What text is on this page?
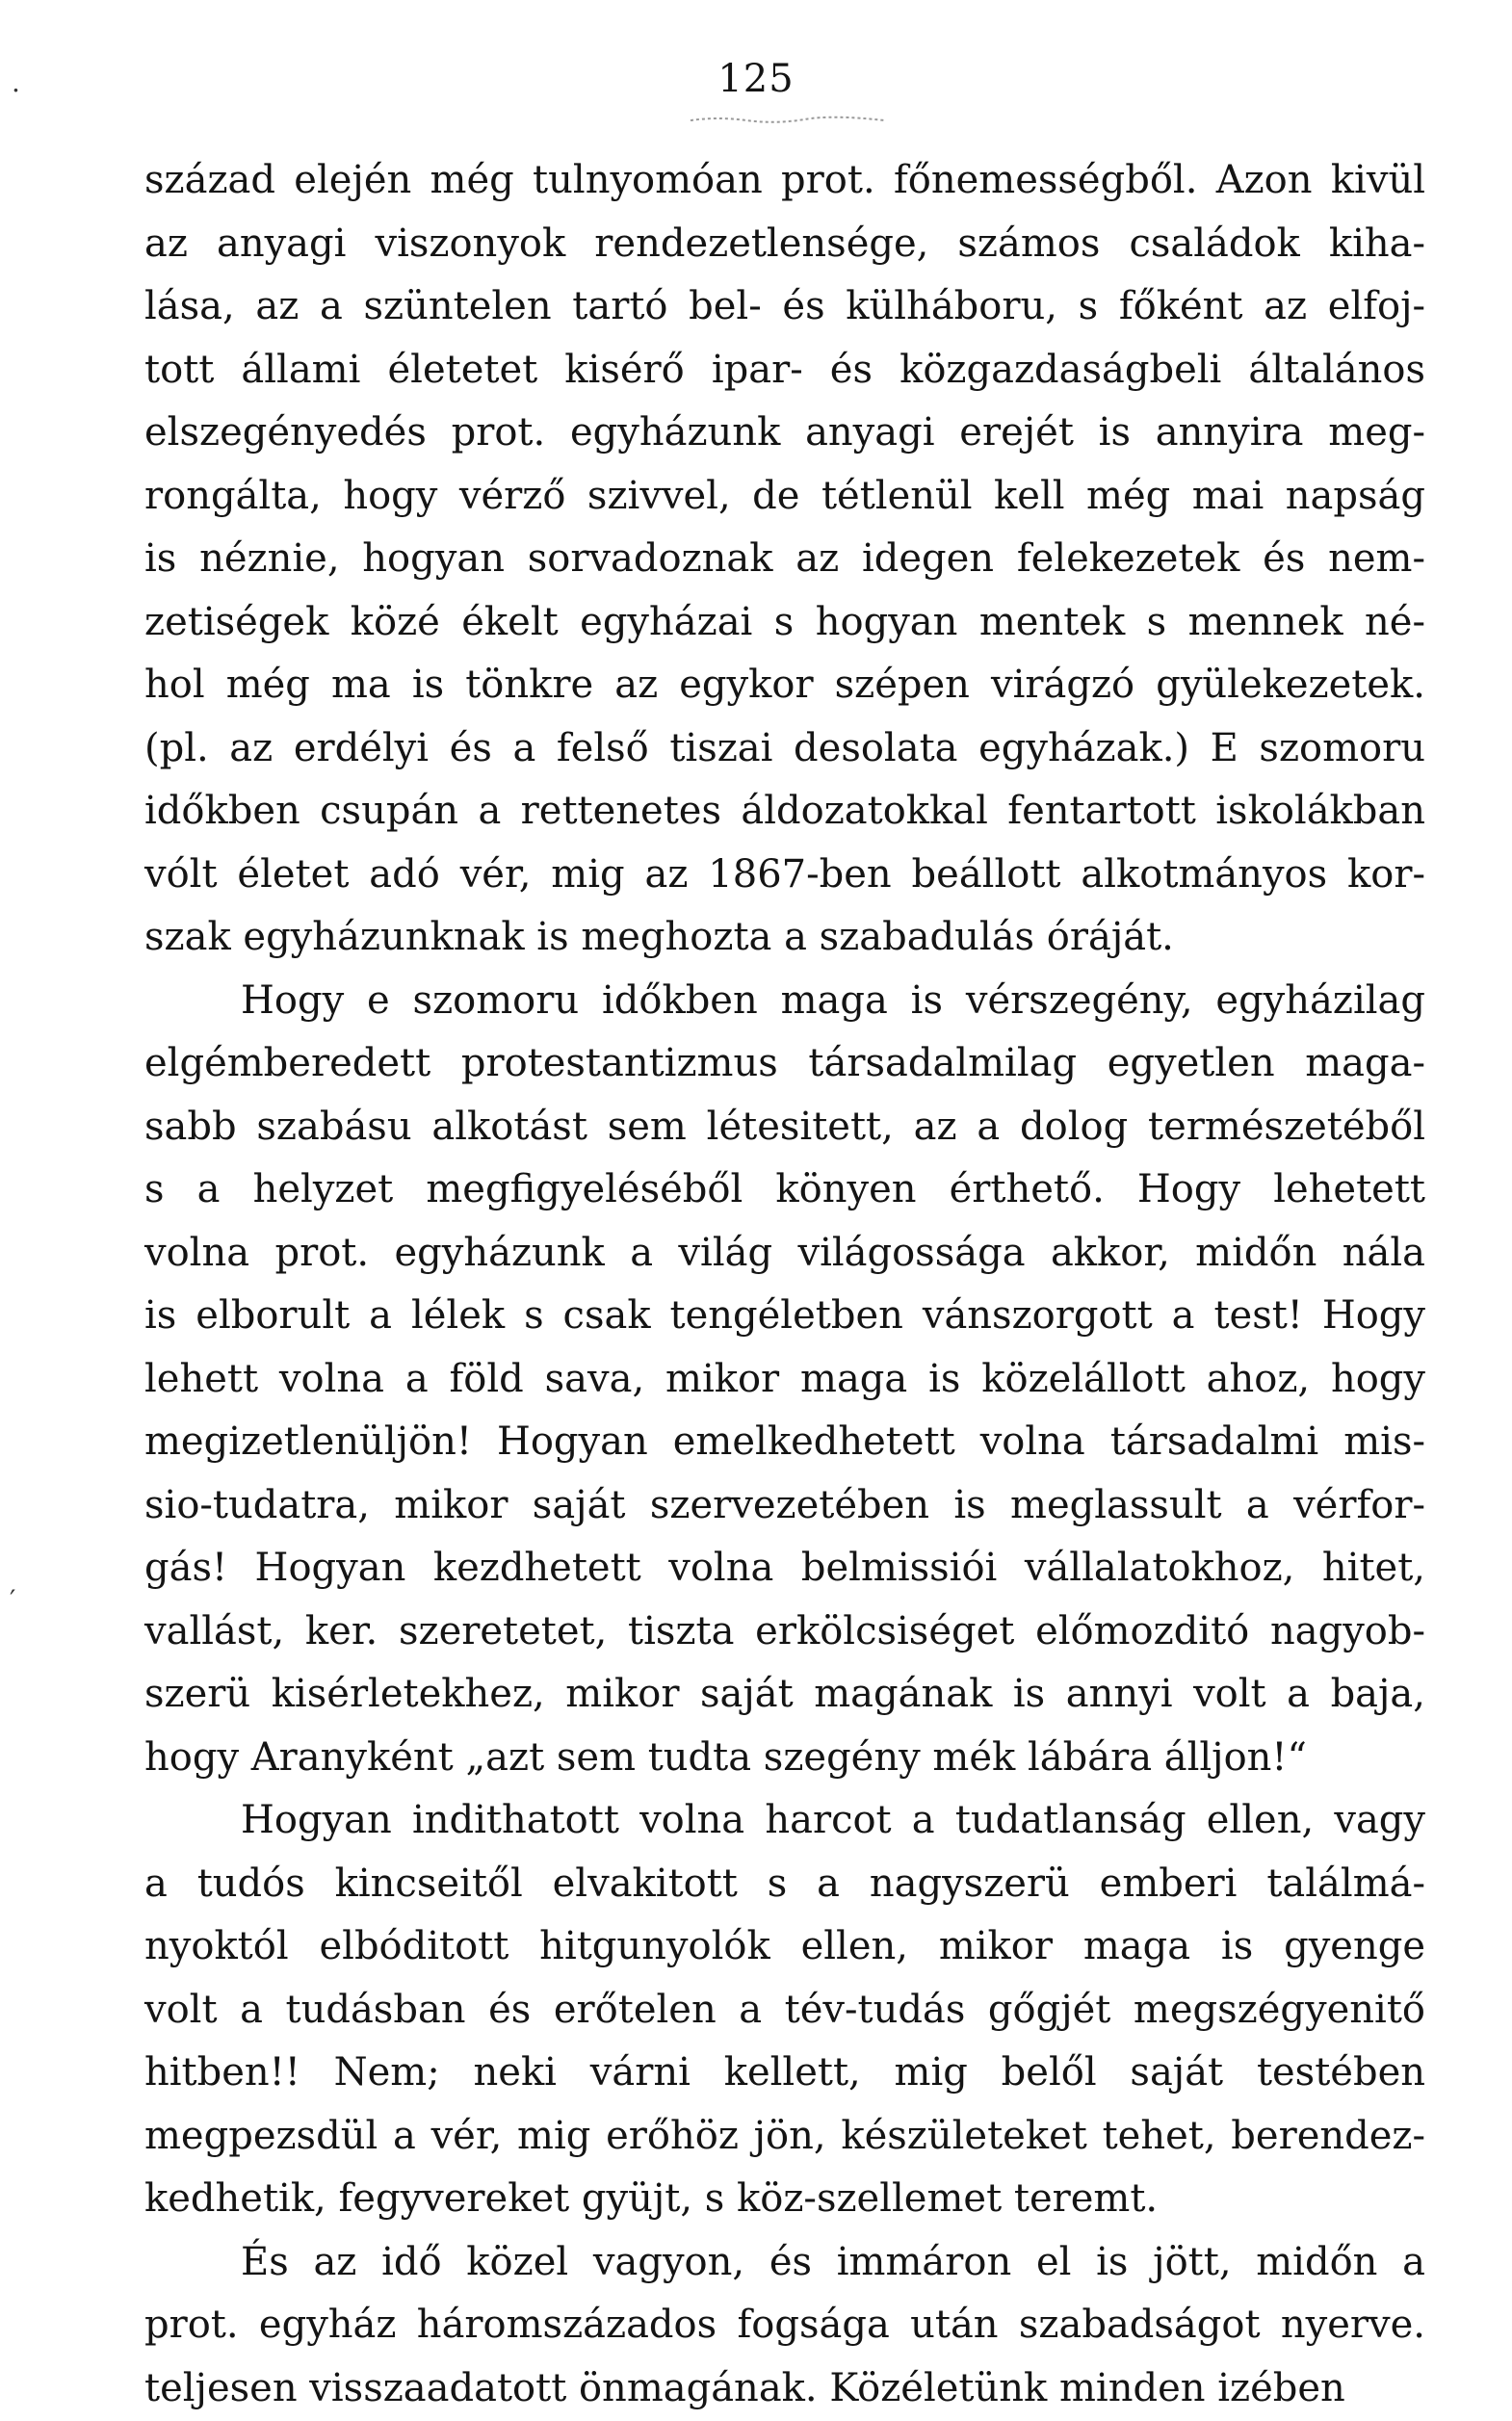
.
′
125
század elején még tulnyomóan prot. főnemességből. Azon kivül
az anyagi viszonyok rendezetlensége, számos családok kiha-
lása, az a szüntelen tartó bel- és külháboru, s főként az elfoj-
tott állami életetet kisérő ipar- és közgazdaságbeli általános
elszegényedés prot. egyházunk anyagi erejét is annyira meg-
rongálta, hogy vérző szivvel, de tétlenül kell még mai napság
is néznie, hogyan sorvadoznak az idegen felekezetek és nem-
zetiségek közé ékelt egyházai s hogyan mentek s mennek né-
hol még ma is tönkre az egykor szépen virágzó gyülekezetek.
(pl. az erdélyi és a felső tiszai desolata egyházak.) E szomoru
időkben csupán a rettenetes áldozatokkal fentartott iskolákban
vólt életet adó vér, mig az 1867-ben beállott alkotmányos kor-
szak egyházunknak is meghozta a szabadulás óráját.
Hogy e szomoru időkben maga is vérszegény, egyházilag
elgémberedett protestantizmus társadalmilag egyetlen maga-
sabb szabásu alkotást sem létesitett, az a dolog természetéből
s a helyzet megfigyeléséből könyen érthető. Hogy lehetett
volna prot. egyházunk a világ világossága akkor, midőn nála
is elborult a lélek s csak tengéletben vánszorgott a test! Hogy
lehett volna a föld sava, mikor maga is közelállott ahoz, hogy
megizetlenüljön! Hogyan emelkedhetett volna társadalmi mis-
sio-tudatra, mikor saját szervezetében is meglassult a vérfor-
gás! Hogyan kezdhetett volna belmissiói vállalatokhoz, hitet,
vallást, ker. szeretetet, tiszta erkölcsiséget előmozditó nagyob-
szerü kisérletekhez, mikor saját magának is annyi volt a baja,
hogy Aranyként „azt sem tudta szegény mék lábára álljon!“
Hogyan indithatott volna harcot a tudatlanság ellen, vagy
a tudós kincseitől elvakitott s a nagyszerü emberi találmá-
nyoktól elbóditott hitgunyolók ellen, mikor maga is gyenge
volt a tudásban és erőtelen a tév-tudás gőgjét megszégyenitő
hitben!! Nem; neki várni kellett, mig belől saját testében
megpezsdül a vér, mig erőhöz jön, készületeket tehet, berendez-
kedhetik, fegyvereket gyüjt, s köz-szellemet teremt.
És az idő közel vagyon, és immáron el is jött, midőn a
prot. egyház háromszázados fogsága után szabadságot nyerve.
teljesen visszaadatott önmagának. Közéletünk minden izében
